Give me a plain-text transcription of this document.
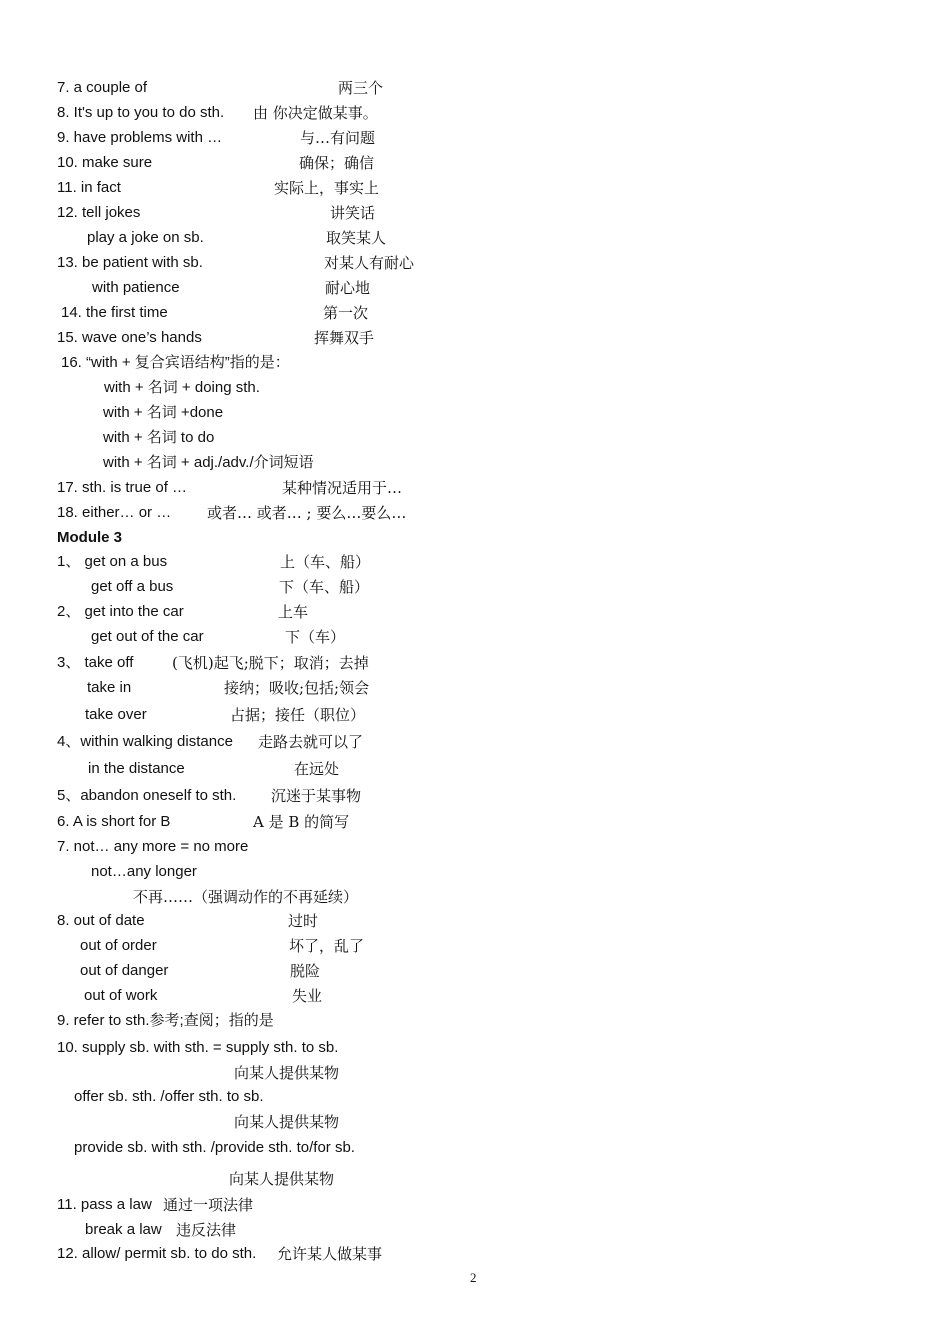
7. a couple of	两三个
8. It's up to you to do sth. 由 你决定做某事。
9. have problems with …	与…有问题
10. make sure	确保；确信
11. in fact	实际上，事实上
12. tell jokes	讲笑话
play a joke on sb.	取笑某人
13. be patient with sb.	对某人有耐心
with patience	耐心地
14. the first time	第一次
15. wave one’s hands	挥舞双手
16. “with + 复合宾语结构”指的是：
with + 名词 + doing sth.
with + 名词 +done
with + 名词 to do
with + 名词 + adj./adv./介词短语
17. sth. is true of …	某种情况适用于…
18. either… or … 或者… 或者… ; 要么…要么…
Module 3
1、 get on a bus	上（车、船）
get off a bus	下（车、船）
2、 get into the car	上车
get out of the car	下（车）
3、 take off	(飞机)起飞;脱下；取消；去掉
take in	接纳；吸收;包括;领会
take over	占据；接任（职位）
4、within walking distance 走路去就可以了
in the distance	在远处
5、abandon oneself to sth. 沉迷于某事物
6. A is short for B	A 是 B 的简写
7. not… any more = no more
not…any longer
不再……（强调动作的不再延续）
8. out of date	过时
out of order	坏了，乱了
out of danger	脱险
out of work	失业
9. refer to sth.参考;查阅；指的是
10. supply sb. with sth. = supply sth. to sb.
向某人提供某物
offer sb. sth. /offer sth. to sb.
向某人提供某物
provide sb. with sth. /provide sth. to/for sb.
向某人提供某物
11. pass a law 通过一项法律
break a law 违反法律
12. allow/ permit sb. to do sth. 允许某人做某事
2
